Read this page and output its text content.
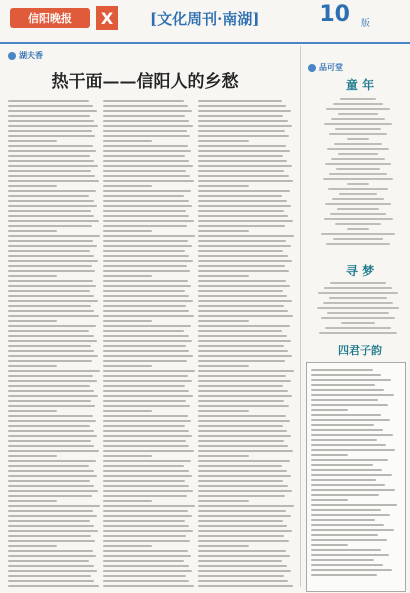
信阳晚报	X	[文化周刊·南湖]	10 版
湖夫香
热干面——信阳人的乡愁
品可堂
童 年
寻 梦
四君子韵
